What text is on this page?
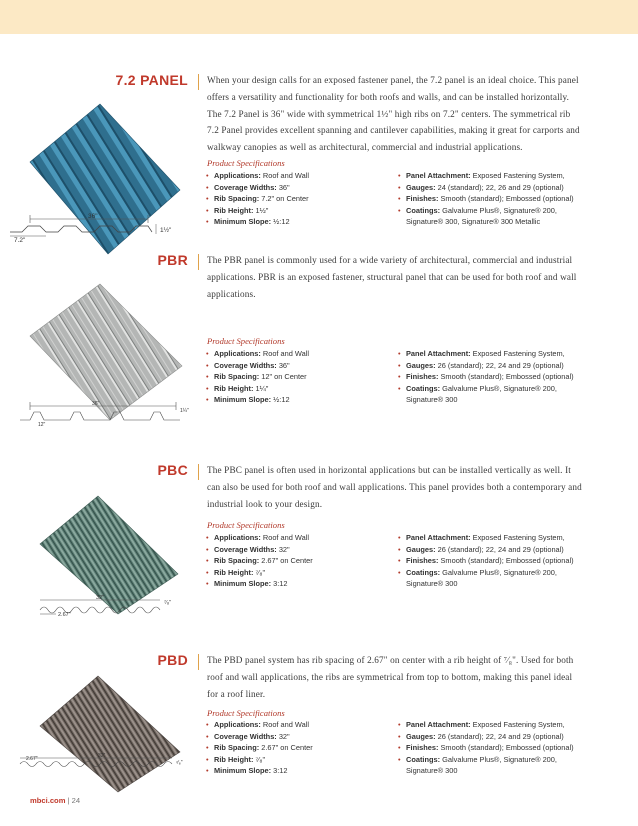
7.2 PANEL When your design calls for an exposed fastener panel, the 7.2 panel is an ideal choice. This panel offers a versatility and functionality for both roofs and walls, and can be installed horizontally. The 7.2 Panel is 36" wide with symmetrical 1½" high ribs on 7.2" centers. The symmetrical rib 7.2 Panel provides excellent spanning and cantilever capabilities, making it great for carports and walkway canopies as well as architectural, commercial and industrial applications.

Product Specifications
• Applications: Roof and Wall
• Coverage Widths: 36"
• Rib Spacing: 7.2" on Center
• Rib Height: 1½"
• Minimum Slope: ½:12
• Panel Attachment: Exposed Fastening System,
• Gauges: 24 (standard); 22, 26 and 29 (optional)
• Finishes: Smooth (standard); Embossed (optional)
• Coatings: Galvalume Plus®, Signature® 200,
Signature® 300, Signature® 300 Metallic
36"
7.2"
1½"
PBR The PBR panel is commonly used for a wide variety of architectural, commercial and industrial applications. PBR is an exposed fastener, structural panel that can be used for both roof and wall applications.

Product Specifications
• Applications: Roof and Wall
• Coverage Widths: 36"
• Rib Spacing: 12" on Center
• Rib Height: 1¼"
• Minimum Slope: ½:12
• Panel Attachment: Exposed Fastening System,
• Gauges: 26 (standard); 22, 24 and 29 (optional)
• Finishes: Smooth (standard); Embossed (optional)
• Coatings: Galvalume Plus®, Signature® 200,
Signature® 300
36"
12"
1¼"
PBC The PBC panel is often used in horizontal applications but can be installed vertically as well. It can also be used for both roof and wall applications. This panel provides both a contemporary and industrial look to your design.

Product Specifications
• Applications: Roof and Wall
• Coverage Widths: 32"
• Rib Spacing: 2.67" on Center
• Rib Height: ⁷⁄₈"
• Minimum Slope: 3:12
• Panel Attachment: Exposed Fastening System,
• Gauges: 26 (standard); 22, 24 and 29 (optional)
• Finishes: Smooth (standard); Embossed (optional)
• Coatings: Galvalume Plus®, Signature® 200,
Signature® 300
32"
2.67"
⁷⁄₈"
PBD The PBD panel system has rib spacing of 2.67" on center with a rib height of ⁷⁄₈". Used for both roof and wall applications, the ribs are symmetrical from top to bottom, making this panel ideal for a roof liner.

Product Specifications
• Applications: Roof and Wall
• Coverage Widths: 32"
• Rib Spacing: 2.67" on Center
• Rib Height: ⁷⁄₈"
• Minimum Slope: 3:12
• Panel Attachment: Exposed Fastening System,
• Gauges: 26 (standard); 22, 24 and 29 (optional)
• Finishes: Smooth (standard); Embossed (optional)
• Coatings: Galvalume Plus®, Signature® 200,
Signature® 300
32"
2.67"
⁷⁄₈"
mbci.com | 24
